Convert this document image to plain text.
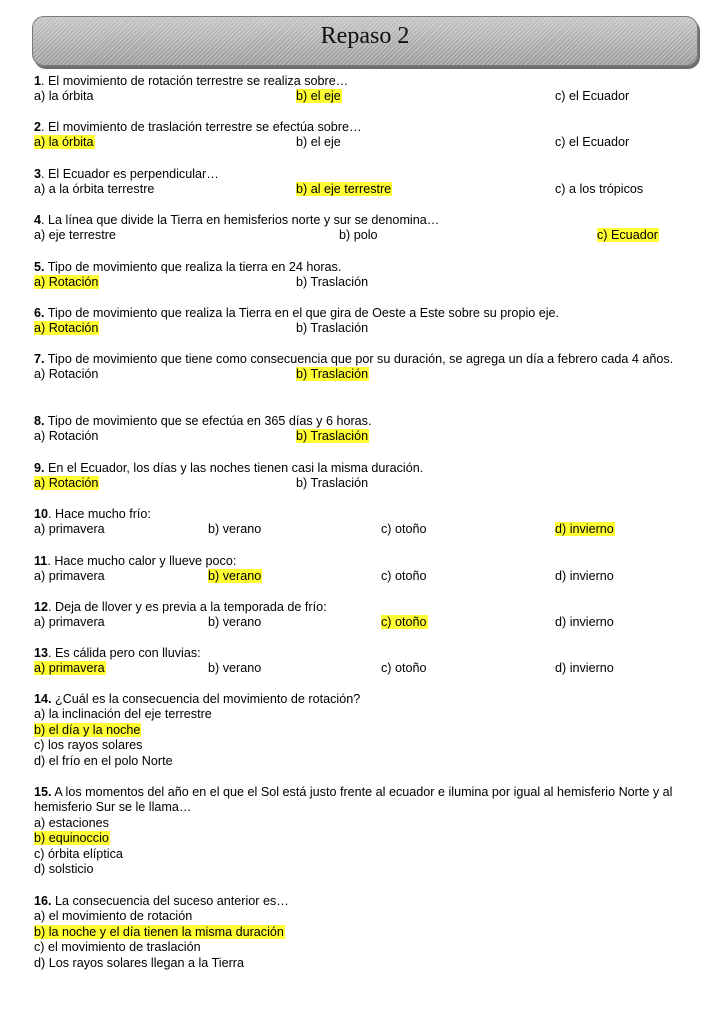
Repaso 2
1. El movimiento de rotación terrestre se realiza sobre…
a) la órbita	b) el eje	c) el Ecuador
2. El movimiento de traslación terrestre se efectúa sobre…
a) la órbita	b) el eje	c) el Ecuador
3. El Ecuador es perpendicular…
a) a la órbita terrestre	b) al eje terrestre	c) a los trópicos
4. La línea que divide la Tierra en hemisferios norte y sur se denomina…
a) eje terrestre	b) polo	c) Ecuador
5. Tipo de movimiento que realiza la tierra en 24 horas.
a) Rotación	b) Traslación
6. Tipo de movimiento que realiza la Tierra en el que gira de Oeste a Este sobre su propio eje.
a) Rotación	b) Traslación
7. Tipo de movimiento que tiene como consecuencia que por su duración, se agrega un día a febrero cada 4 años.
a) Rotación	b) Traslación
8. Tipo de movimiento que se efectúa en 365 días y 6 horas.
a) Rotación	b) Traslación
9. En el Ecuador, los días y las noches tienen casi la misma duración.
a) Rotación	b) Traslación
10. Hace mucho frío:
a) primavera	b) verano	c) otoño	d) invierno
11. Hace mucho calor y llueve poco:
a) primavera	b) verano	c) otoño	d) invierno
12. Deja de llover y es previa a la temporada de frío:
a) primavera	b) verano	c) otoño	d) invierno
13. Es cálida pero con lluvias:
a) primavera	b) verano	c) otoño	d) invierno
14. ¿Cuál es la consecuencia del movimiento de rotación?
a) la inclinación del eje terrestre
b) el día y la noche
c) los rayos solares
d) el frío en el polo Norte
15. A los momentos del año en el que el Sol está justo frente al ecuador e ilumina por igual al hemisferio Norte y al hemisferio Sur se le llama…
a) estaciones
b) equinoccio
c) órbita elíptica
d) solsticio
16. La consecuencia del suceso anterior es…
a) el movimiento de rotación
b) la noche y el día tienen la misma duración
c) el movimiento de traslación
d) Los rayos solares llegan a la Tierra
